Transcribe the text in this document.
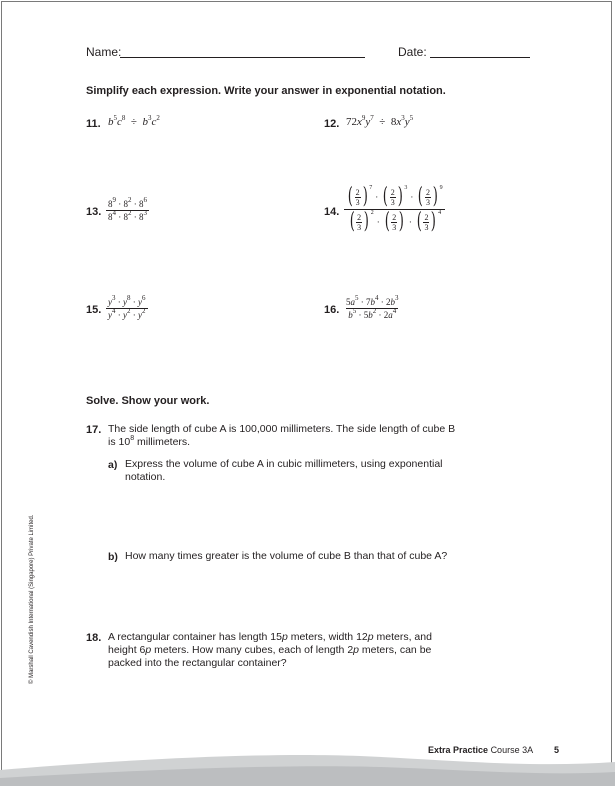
Name:	Date:
Simplify each expression. Write your answer in exponential notation.
11. $b^5c^8 \div b^3c^2$	12. $72x^9y^7 \div 8x^3y^5$
13. $\frac{8^9 \cdot 8^2 \cdot 8^6}{8^4 \cdot 8^2 \cdot 8^3}$	14. ( 2
3 ) 7
· ( 2
3 ) 3
· ( 2
3 ) 9
( 2
3 ) 2
· ( 2
3 ) · ( 2
3 ) 4
15. $\frac{y^3 \cdot y^8 \cdot y^6}{y^4 \cdot y^2 \cdot y^2}$	16. $\frac{5a^5 \cdot 7b^4 \cdot 2b^3}{b^5 \cdot 5b^2 \cdot 2a^4}$
Solve. Show your work.
17. The side length of cube A is 100,000 millimeters. The side length of cube B
is $10^8$ millimeters.
a) Express the volume of cube A in cubic millimeters, using exponential
notation.
b) How many times greater is the volume of cube B than that of cube A?
18. A rectangular container has length 15p meters, width 12p meters, and
height 6p meters. How many cubes, each of length 2p meters, can be
packed into the rectangular container?
© Marshall Cavendish International (Singapore) Private Limited.
Extra Practice Course 3A 5
